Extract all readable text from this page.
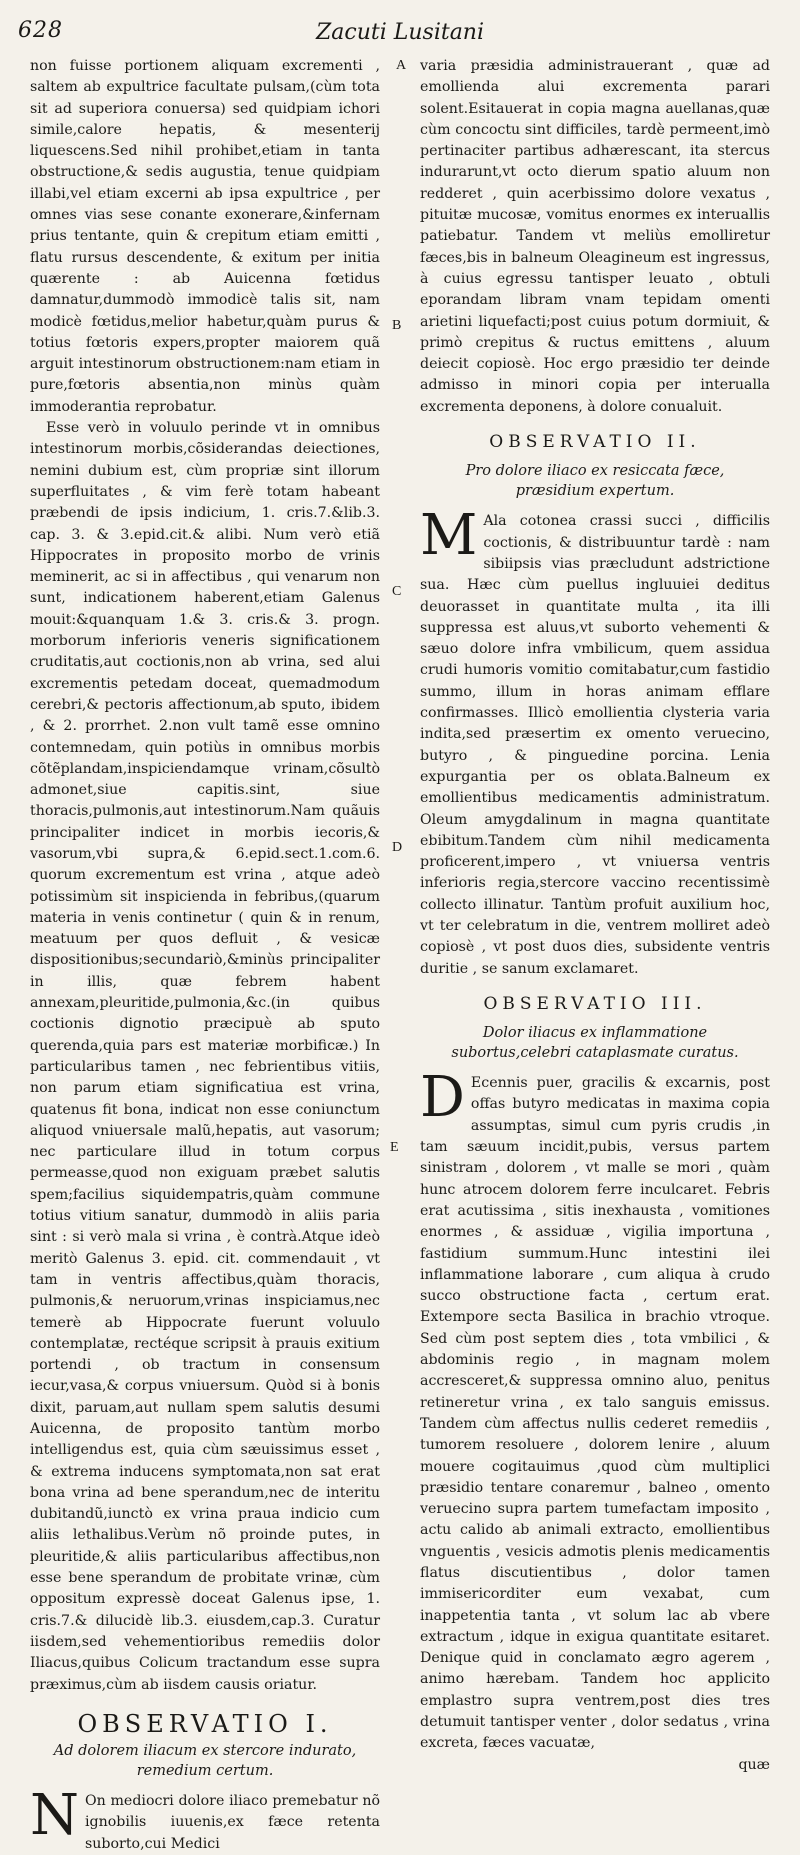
628	Zacuti Lusitani
A
B
C
D
E

non fuisse portionem aliquam excrementi , saltem ab expultrice facultate pulsam,(cùm tota sit ad superiora conuersa) sed quidpiam ichori simile,calore hepatis, & mesenterij liquescens.Sed nihil prohibet,etiam in tanta obstructione,& sedis augustia, tenue quidpiam illabi,vel etiam excerni ab ipsa expultrice , per omnes vias sese conante exonerare,&infernam prius tentante, quin & crepitum etiam emitti , flatu rursus descendente, & exitum per initia quærente : ab Auicenna fœtidus damnatur,dummodò immodicè talis sit, nam modicè fœtidus,melior habetur,quàm purus & totius fœtoris expers,propter maiorem quã arguit intestinorum obstructionem:nam etiam in pure,fœtoris absentia,non minùs quàm immoderantia reprobatur.

Esse verò in voluulo perinde vt in omnibus intestinorum morbis,cõsiderandas deiectiones, nemini dubium est, cùm propriæ sint illorum superfluitates , & vim ferè totam habeant præbendi de ipsis indicium, 1. cris.7.&lib.3. cap. 3. & 3.epid.cit.& alibi. Num verò etiã Hippocrates in proposito morbo de vrinis meminerit, ac si in affectibus , qui venarum non sunt, indicationem haberent,etiam Galenus mouit:&quanquam 1.& 3. cris.& 3. progn. morborum inferioris veneris significationem cruditatis,aut coctionis,non ab vrina, sed alui excrementis petedam doceat, quemadmodum cerebri,& pectoris affectionum,ab sputo, ibidem , & 2. prorrhet. 2.non vult tamẽ esse omnino contemnedam, quin potiùs in omnibus morbis cõtẽplandam,inspiciendamque vrinam,cõsultò admonet,siue capitis.sint, siue thoracis,pulmonis,aut intestinorum.Nam quãuis principaliter indicet in morbis iecoris,& vasorum,vbi supra,& 6.epid.sect.1.com.6. quorum excrementum est vrina , atque adeò potissimùm sit inspicienda in febribus,(quarum materia in venis continetur ( quin & in renum, meatuum per quos defluit , & vesicæ dispositionibus;secundariò,&minùs principaliter in illis, quæ febrem habent annexam,pleuritide,pulmonia,&c.(in quibus coctionis dignotio præcipuè ab sputo querenda,quia pars est materiæ morbificæ.) In particularibus tamen , nec febrientibus vitiis, non parum etiam significatiua est vrina, quatenus fit bona, indicat non esse coniunctum aliquod vniuersale malũ,hepatis, aut vasorum; nec particulare illud in totum corpus permeasse,quod non exiguam præbet salutis spem;facilius siquidempatris,quàm commune totius vitium sanatur, dummodò in aliis paria sint : si verò mala si vrina , è contrà.Atque ideò meritò Galenus 3. epid. cit. commendauit , vt tam in ventris affectibus,quàm thoracis, pulmonis,& neruorum,vrinas inspiciamus,nec temerè ab Hippocrate fuerunt voluulo contemplatæ, rectéque scripsit à prauis exitium portendi , ob tractum in consensum iecur,vasa,& corpus vniuersum. Quòd si à bonis dixit, paruam,aut nullam spem salutis desumi Auicenna, de proposito tantùm morbo intelligendus est, quia cùm sæuissimus esset , & extrema inducens symptomata,non sat erat bona vrina ad bene sperandum,nec de interitu dubitandũ,iunctò ex vrina praua indicio cum aliis lethalibus.Verùm nõ proinde putes, in pleuritide,& aliis particularibus affectibus,non esse bene sperandum de probitate vrinæ, cùm oppositum expressè doceat Galenus ipse, 1. cris.7.& dilucidè lib.3. eiusdem,cap.3. Curatur iisdem,sed vehementioribus remediis dolor Iliacus,quibus Colicum tractandum esse supra præximus,cùm ab iisdem causis oriatur.

OBSERVATIO I.
Ad dolorem iliacum ex stercore indurato, remedium certum.

N On mediocri dolore iliaco premebatur nõ ignobilis iuuenis,ex fæce retenta suborto,cui Medici

varia præsidia administrauerant , quæ ad emollienda alui excrementa parari solent.Esitauerat in copia magna auellanas,quæ cùm concoctu sint difficiles, tardè permeent,imò pertinaciter partibus adhærescant, ita stercus indurarunt,vt octo dierum spatio aluum non redderet , quin acerbissimo dolore vexatus , pituitæ mucosæ, vomitus enormes ex interuallis patiebatur. Tandem vt meliùs emolliretur fæces,bis in balneum Oleagineum est ingressus, à cuius egressu tantisper leuato , obtuli eporandam libram vnam tepidam omenti arietini liquefacti;post cuius potum dormiuit, & primò crepitus & ructus emittens , aluum deiecit copiosè. Hoc ergo præsidio ter deinde admisso in minori copia per interualla excrementa deponens, à dolore conualuit.

OBSERVATIO II.
Pro dolore iliaco ex resiccata fæce, præsidium expertum.

M Ala cotonea crassi succi , difficilis coctionis, & distribuuntur tardè : nam sibiipsis vias præcludunt adstrictione sua. Hæc cùm puellus ingluuiei deditus deuorasset in quantitate multa , ita illi suppressa est aluus,vt suborto vehementi & sæuo dolore infra vmbilicum, quem assidua crudi humoris vomitio comitabatur,cum fastidio summo, illum in horas animam efflare confirmasses. Illicò emollientia clysteria varia indita,sed præsertim ex omento veruecino, butyro , & pinguedine porcina. Lenia expurgantia per os oblata.Balneum ex emollientibus medicamentis administratum. Oleum amygdalinum in magna quantitate ebibitum.Tandem cùm nihil medicamenta proficerent,impero , vt vniuersa ventris inferioris regia,stercore vaccino recentissimè collecto illinatur. Tantùm profuit auxilium hoc, vt ter celebratum in die, ventrem molliret adeò copiosè , vt post duos dies, subsidente ventris duritie , se sanum exclamaret.

OBSERVATIO III.
Dolor iliacus ex inflammatione subortus,celebri cataplasmate curatus.

D Ecennis puer, gracilis & excarnis, post offas butyro medicatas in maxima copia assumptas, simul cum pyris crudis ,in tam sæuum incidit,pubis, versus partem sinistram , dolorem , vt malle se mori , quàm hunc atrocem dolorem ferre inculcaret. Febris erat acutissima , sitis inexhausta , vomitiones enormes , & assiduæ , vigilia importuna , fastidium summum.Hunc intestini ilei inflammatione laborare , cum aliqua à crudo succo obstructione facta , certum erat. Extempore secta Basilica in brachio vtroque. Sed cùm post septem dies , tota vmbilici , & abdominis regio , in magnam molem accresceret,& suppressa omnino aluo, penitus retineretur vrina , ex talo sanguis emissus. Tandem cùm affectus nullis cederet remediis , tumorem resoluere , dolorem lenire , aluum mouere cogitauimus ,quod cùm multiplici præsidio tentare conaremur , balneo , omento veruecino supra partem tumefactam imposito , actu calido ab animali extracto, emollientibus vnguentis , vesicis admotis plenis medicamentis flatus discutientibus , dolor tamen immisericorditer eum vexabat, cum inappetentia tanta , vt solum lac ab vbere extractum , idque in exigua quantitate esitaret. Denique quid in conclamato ægro agerem , animo hærebam. Tandem hoc applicito emplastro supra ventrem,post dies tres detumuit tantisper venter , dolor sedatus , vrina excreta, fæces vacuatæ,

quæ
